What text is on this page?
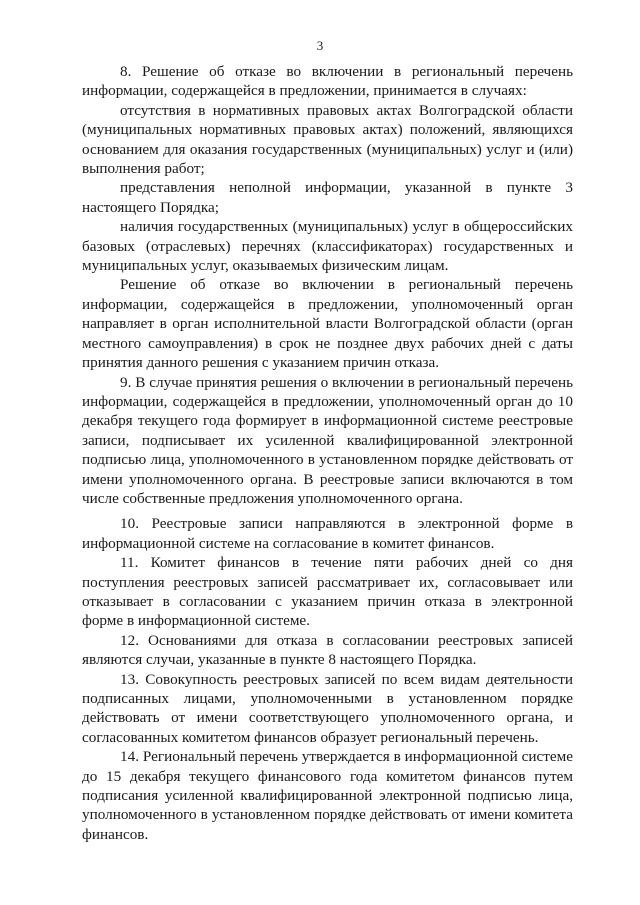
3

8. Решение об отказе во включении в региональный перечень информации, содержащейся в предложении, принимается в случаях:

отсутствия в нормативных правовых актах Волгоградской области (муниципальных нормативных правовых актах) положений, являющихся основанием для оказания государственных (муниципальных) услуг и (или) выполнения работ;

представления неполной информации, указанной в пункте 3 настоящего Порядка;

наличия государственных (муниципальных) услуг в общероссийских базовых (отраслевых) перечнях (классификаторах) государственных и муниципальных услуг, оказываемых физическим лицам.

Решение об отказе во включении в региональный перечень информации, содержащейся в предложении, уполномоченный орган направляет в орган исполнительной власти Волгоградской области (орган местного самоуправления) в срок не позднее двух рабочих дней с даты принятия данного решения с указанием причин отказа.

9. В случае принятия решения о включении в региональный перечень информации, содержащейся в предложении, уполномоченный орган до 10 декабря текущего года формирует в информационной системе реестровые записи, подписывает их усиленной квалифицированной электронной подписью лица, уполномоченного в установленном порядке действовать от имени уполномоченного органа. В реестровые записи включаются в том числе собственные предложения уполномоченного органа.

10. Реестровые записи направляются в электронной форме в информационной системе на согласование в комитет финансов.

11. Комитет финансов в течение пяти рабочих дней со дня поступления реестровых записей рассматривает их, согласовывает или отказывает в согласовании с указанием причин отказа в электронной форме в информационной системе.

12. Основаниями для отказа в согласовании реестровых записей являются случаи, указанные в пункте 8 настоящего Порядка.

13. Совокупность реестровых записей по всем видам деятельности подписанных лицами, уполномоченными в установленном порядке действовать от имени соответствующего уполномоченного органа, и согласованных комитетом финансов образует региональный перечень.

14. Региональный перечень утверждается в информационной системе до 15 декабря текущего финансового года комитетом финансов путем подписания усиленной квалифицированной электронной подписью лица, уполномоченного в установленном порядке действовать от имени комитета финансов.
